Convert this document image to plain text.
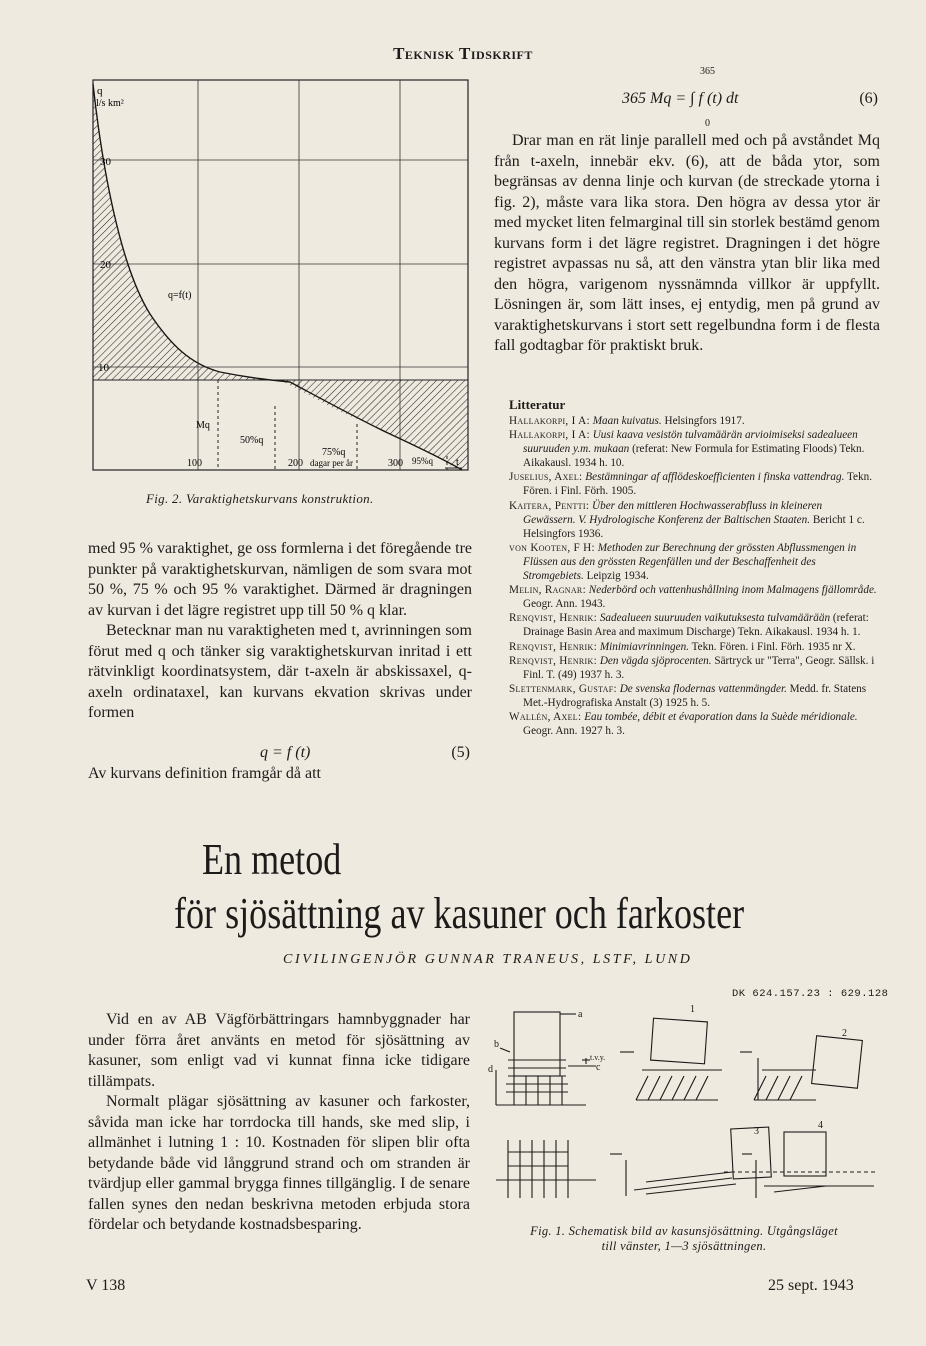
Teknisk Tidskrift
q
l/s km²
30
20
10
q=f(t)
Mq
50%q
75%q
95%q
100	200	300
dagar per år	t
Fig. 2. Varaktighetskurvans konstruktion.

med 95 % varaktighet, ge oss formlerna i det föregående tre punkter på varaktighetskurvan, nämligen de som svara mot 50 %, 75 % och 95 % varaktighet. Därmed är dragningen av kurvan i det lägre registret upp till 50 % q klar.

Betecknar man nu varaktigheten med t, avrinningen som förut med q och tänker sig varaktighetskurvan inritad i ett rätvinkligt koordinatsystem, där t-axeln är abskissaxel, q-axeln ordinataxel, kan kurvans ekvation skrivas under formen

q = f (t)	(5)
Av kurvans definition framgår då att
365
365 Mq = ∫ f (t) dt
0
(6)
Drar man en rät linje parallell med och på avståndet Mq från t-axeln, innebär ekv. (6), att de båda ytor, som begränsas av denna linje och kurvan (de streckade ytorna i fig. 2), måste vara lika stora. Den högra av dessa ytor är med mycket liten felmarginal till sin storlek bestämd genom kurvans form i det lägre registret. Dragningen i det högre registret avpassas nu så, att den vänstra ytan blir lika med den högra, varigenom nyssnämnda villkor är uppfyllt. Lösningen är, som lätt inses, ej entydig, men på grund av varaktighetskurvans i stort sett regelbundna form i de flesta fall godtagbar för praktiskt bruk.
Litteratur

Hallakorpi, I A: Maan kuivatus. Helsingfors 1917.

Hallakorpi, I A: Uusi kaava vesistön tulvamäärän arvioimiseksi sadealueen suuruuden y.m. mukaan (referat: New Formula for Estimating Floods) Tekn. Aikakausl. 1934 h. 10.

Juselius, Axel: Bestämningar af afflödeskoefficienten i finska vattendrag. Tekn. Fören. i Finl. Förh. 1905.

Kaitera, Pentti: Über den mittleren Hochwasserabfluss in kleineren Gewässern. V. Hydrologische Konferenz der Baltischen Staaten. Bericht 1 c. Helsingfors 1936.

von Kooten, F H: Methoden zur Berechnung der grössten Abflussmengen in Flüssen aus den grössten Regenfällen und der Beschaffenheit des Stromgebiets. Leipzig 1934.

Melin, Ragnar: Nederbörd och vattenhushållning inom Malmagens fjällområde. Geogr. Ann. 1943.

Renqvist, Henrik: Sadealueen suuruuden vaikutuksesta tulvamäärään (referat: Drainage Basin Area and maximum Discharge) Tekn. Aikakausl. 1934 h. 1.

Renqvist, Henrik: Minimiavrinningen. Tekn. Fören. i Finl. Förh. 1935 nr X.

Renqvist, Henrik: Den vägda sjöprocenten. Särtryck ur "Terra", Geogr. Sällsk. i Finl. T. (49) 1937 h. 3.

Slettenmark, Gustaf: De svenska flodernas vattenmängder. Medd. fr. Statens Met.-Hydrografiska Anstalt (3) 1925 h. 5.

Wallén, Axel: Eau tombée, débit et évaporation dans la Suède méridionale. Geogr. Ann. 1927 h. 3.

En metod
för sjösättning av kasuner och farkoster
CIVILINGENJÖR GUNNAR TRANEUS, LSTF, LUND
DK 624.157.23 : 629.128

Vid en av AB Vägförbättringars hamnbyggnader har under förra året använts en metod för sjösättning av kasuner, som enligt vad vi kunnat finna icke tidigare tillämpats.

Normalt plägar sjösättning av kasuner och farkoster, såvida man icke har torrdocka till hands, ske med slip, i allmänhet i lutning 1 : 10. Kostnaden för slipen blir ofta betydande både vid långgrund strand och om stranden är tvärdjup eller gammal brygga finnes tillgänglig. I de senare fallen synes den nedan beskrivna metoden erbjuda stora fördelar och betydande kostnadsbesparing.

a
b
c
d
t.v.y.
1
2
3
4
Fig. 1. Schematisk bild av kasunsjösättning. Utgångsläget
till vänster, 1—3 sjösättningen.
V 138	25 sept. 1943
